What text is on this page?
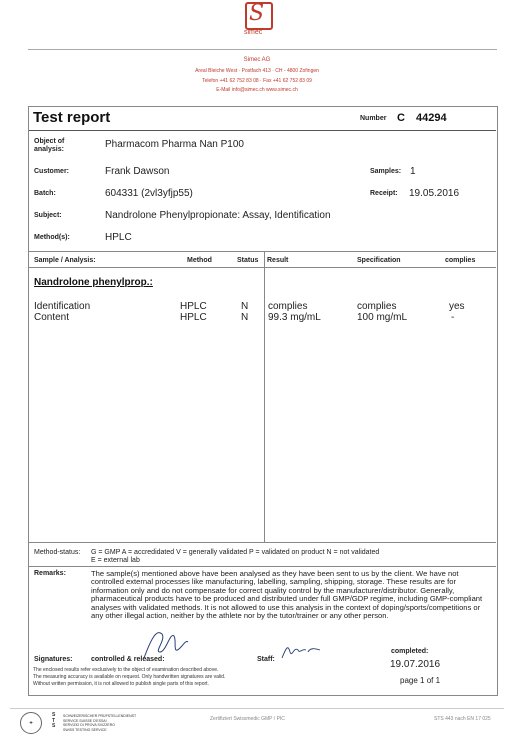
S
simec
Simec AG
Areal Bleiche West · Postfach 413 · CH - 4800 Zofingen
Telefon +41 62 752 83 08 · Fax +41 62 752 83 09
E-Mail info@simec.ch www.simec.ch
Test report	Number C 44294
Object of analysis:	Pharmacom Pharma Nan P100
Customer:	Frank Dawson	Samples: 1
Batch:	604331 (2vl3yfjp55)	Receipt: 19.05.2016
Subject:	Nandrolone Phenylpropionate: Assay, Identification
Method(s):	HPLC
Sample / Analysis:	Method	Status Result	Specification	complies
Nandrolone phenylprop.:
Identification	HPLC	N complies	complies	yes
Content	HPLC	N 99.3 mg/mL	100 mg/mL	-
Method-status: G = GMP A = accredidated V = generally validated P = validated on product N = not validated
E = external lab
Remarks:	The sample(s) mentioned above have been analysed as they have been sent to us by the client. We have not controlled external processes like manufacturing, labelling, sampling, shipping, storage. These results are for information only and do not compensate for correct quality control by the manufacturer/distributor. Generally, pharmaceutical products have to be produced and distributed under full GMP/GDP regime, including GMP-compliant analyses with validated methods. It is not allowed to use this analysis in the context of doping/sports/competitions or any other illegal action, neither by the athlete nor by the tutor/trainer or any other person.
Signatures:	controlled & released:	Staff:
completed:
19.07.2016
page 1 of 1
The enclosed results refer exclusively to the object of examination described above.
The measuring accuracy is available on request. Only handwritten signatures are valid.
Without written permission, it is not allowed to publish single parts of this report.
✚
S
T
S
SCHWEIZERISCHER PRÜFSTELLENDIENST
SERVICE SUISSE D'ESSAI
SERVIZIO DI PROVA SVIZZERO
SWISS TESTING SERVICE
Zertifiziert Swissmedic GMP / PIC	STS 443 nach EN 17 025
